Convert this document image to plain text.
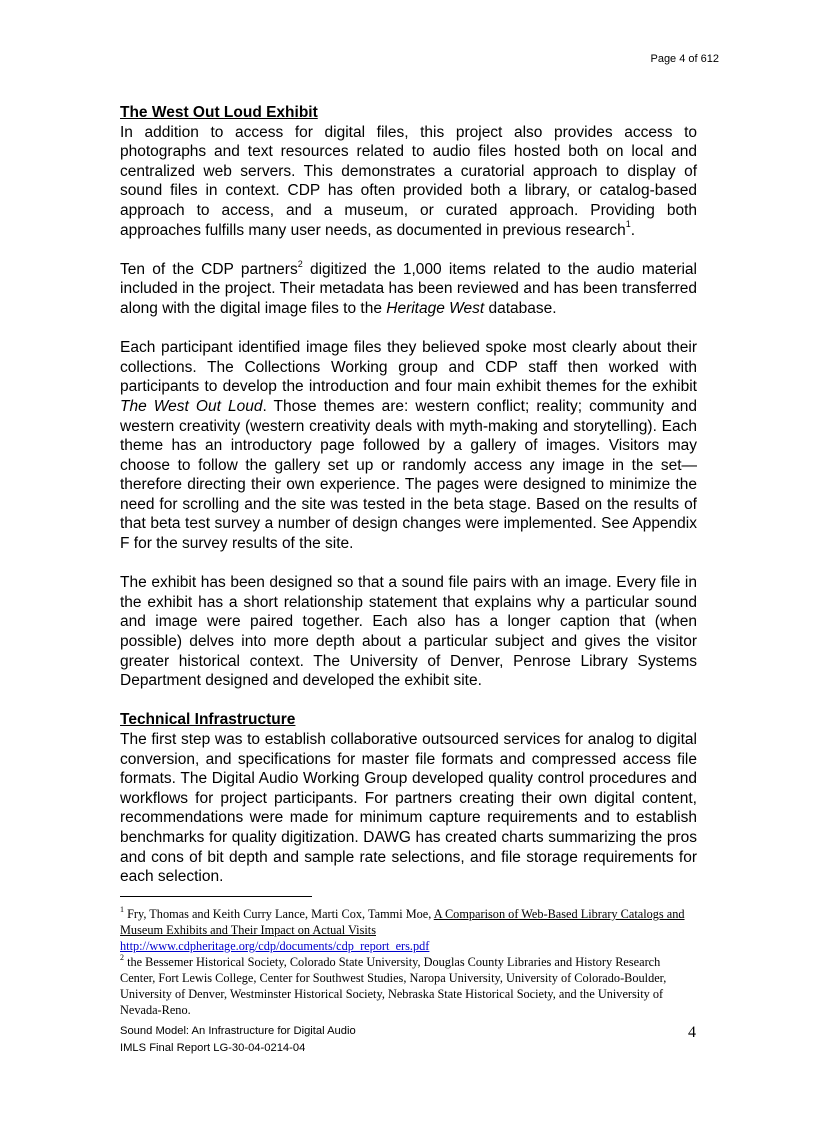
Page 4 of 612
The West Out Loud Exhibit

In addition to access for digital files, this project also provides access to photographs and text resources related to audio files hosted both on local and centralized web servers. This demonstrates a curatorial approach to display of sound files in context. CDP has often provided both a library, or catalog-based approach to access, and a museum, or curated approach. Providing both approaches fulfills many user needs, as documented in previous research$^1$.

Ten of the CDP partners$^2$ digitized the 1,000 items related to the audio material included in the project. Their metadata has been reviewed and has been transferred along with the digital image files to the Heritage West database.

Each participant identified image files they believed spoke most clearly about their collections. The Collections Working group and CDP staff then worked with participants to develop the introduction and four main exhibit themes for the exhibit The West Out Loud. Those themes are: western conflict; reality; community and western creativity (western creativity deals with myth-making and storytelling). Each theme has an introductory page followed by a gallery of images. Visitors may choose to follow the gallery set up or randomly access any image in the set—therefore directing their own experience. The pages were designed to minimize the need for scrolling and the site was tested in the beta stage. Based on the results of that beta test survey a number of design changes were implemented. See Appendix F for the survey results of the site.

The exhibit has been designed so that a sound file pairs with an image. Every file in the exhibit has a short relationship statement that explains why a particular sound and image were paired together. Each also has a longer caption that (when possible) delves into more depth about a particular subject and gives the visitor greater historical context. The University of Denver, Penrose Library Systems Department designed and developed the exhibit site.

Technical Infrastructure

The first step was to establish collaborative outsourced services for analog to digital conversion, and specifications for master file formats and compressed access file formats. The Digital Audio Working Group developed quality control procedures and workflows for project participants. For partners creating their own digital content, recommendations were made for minimum capture requirements and to establish benchmarks for quality digitization. DAWG has created charts summarizing the pros and cons of bit depth and sample rate selections, and file storage requirements for each selection.

$^1$ Fry, Thomas and Keith Curry Lance, Marti Cox, Tammi Moe, A Comparison of Web-Based Library Catalogs and Museum Exhibits and Their Impact on Actual Visits
http://www.cdpheritage.org/cdp/documents/cdp_report_ers.pdf

$^2$ the Bessemer Historical Society, Colorado State University, Douglas County Libraries and History Research Center, Fort Lewis College, Center for Southwest Studies, Naropa University, University of Colorado-Boulder, University of Denver, Westminster Historical Society, Nebraska State Historical Society, and the University of Nevada-Reno.

Sound Model: An Infrastructure for Digital Audio
IMLS Final Report LG-30-04-0214-04
4
